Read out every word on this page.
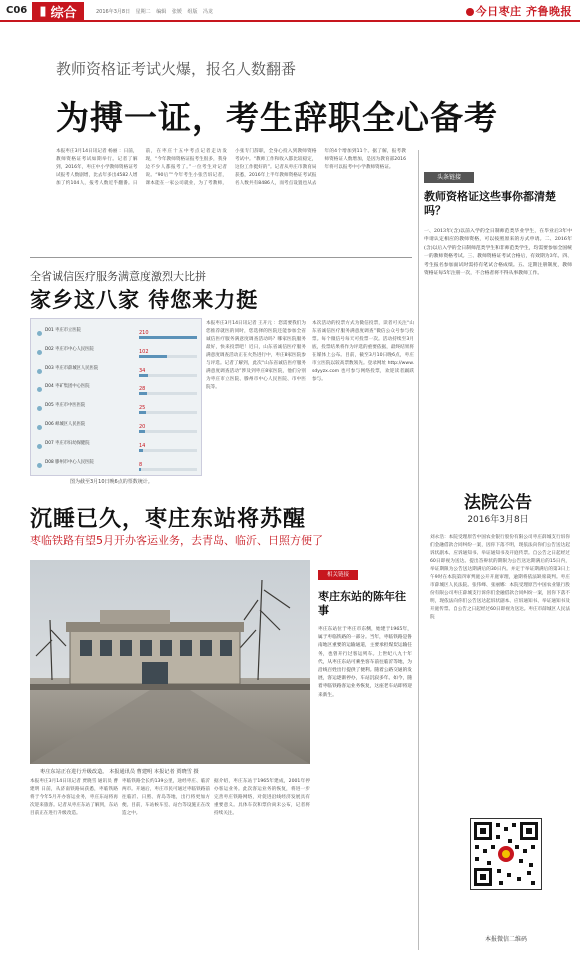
C06 ▮ 综合	2016年3月8日 星期二 编辑 张媛 组版 冯龙	今日枣庄 齐鲁晚报
教师资格证考试火爆，报名人数翻番
为搏一证，考生辞职全心备考
本报枣庄3月14日讯记者 杨丽 ：日前，教师资格证考试如期举行。记者了解到，2016年，枣庄中小学教师资格证考试报考人数剧增，比去年多出4582人增加了约104人，报考人数近乎翻番。日前，在枣庄十五中考点记者走访发现，“今年教师资格证报考生很多，我身边不少人都报考了。”一位考生对记者说。“90后”“今年考生小张告诉记者，课本能在一家公司就业，为了考教师，小张专门辞职，全身心投入到教师资格考试中。“教师工作和收入都比较稳定，这份工作挺好的”。记者从枣庄市教育局获悉，2016年上半年教师资格证考试报名人数共有8486人，而考点设置也从去年的4个增加到11个。据了解，报考教师资格证人数增加，是因为教育部2016年将可以报考中小学教师资格证。
头条链接
教师资格证这些事你都清楚吗？
一、2013年(含)以前入学的全日制师范类毕业学生，在毕业后3年中申请认定相应的教师资格，可以按照原来的方式申请。二、2016年(含)以后入学的全日制师范类学生和非师范类学生，均需要参加全国统一的教师资格考试。三、教师资格证考试合格后，有效期为3年。四、考生报名参加面试时需持有笔试合格成绩。五、定期注册制度，教师资格证每5年注册一次，不合格者将不得从事教师工作。
法院公告
2016年3月8日
刘永浩：本院受理原告中国农业银行股份有限公司枣庄薛城支行诉你们金融借款合同纠纷一案，因你下落不明，现依法向你们公告送达起诉状副本、应诉通知书、举证通知书及开庭传票。自公告之日起经过60日即视为送达。提出答辩状的期限为公告送达期满后的15日内，举证期限为公告送达期满后的30日内。并定于举证期满后的第3日上午9时在本院第四审判庭公开开庭审理，逾期将依法缺席裁判。枣庄市薛城区人民法院。张伟峰、张丽娜：本院受理原告中国农业银行股份有限公司枣庄薛城支行诉你们金融借款合同纠纷一案，因你下落不明，现依法向你们公告送达起诉状副本、应诉通知书、举证通知书及开庭传票。自公告之日起经过60日即视为送达。枣庄市薛城区人民法院
本报微信二维码
全省诚信医疗服务满意度激烈大比拼
家乡这八家 待您来力挺
D01 枣庄市立医院	210
D02 枣庄市中心人民医院	102
D03 枣庄市薛城区人民医院	34
D04 枣矿集团中心医院	28
D05 枣庄市中医医院	25
D06 峄城区人民医院	20
D07 枣庄市妇幼保健院	14
D08 滕州市中心人民医院	8
图为截至3月10日晚6点的票数统计。
本报枣庄3月14日讯记者 王开元 ：您需要我们为您推荐就医的同时，您选择的医院还能参加全省诚信医疗服务满意度调查活动吗？哪家医院服务最好，快来投票吧！近日，山东省诚信医疗服务满意度调查活动正在火热进行中，枣庄8家医院参与评选。记者了解到，此次“山东省诚信医疗服务满意度调查活动”涉及到枣庄8家医院，他们分别为枣庄市立医院、滕州市中心人民医院、市中医院等。
本次活动的投票方式为微信投票，读者可关注“山东省诚信医疗服务满意度调查”微信公众号参与投票。每个微信号每天可投票一次。活动持续至3月底，投票结果将作为评选的重要依据，最终结果将在媒体上公布。目前，截至3月10日晚6点，枣庄市立医院以较高票数领先。登录网址 http://www.sdyyzx.com 也可参与网络投票，欢迎读者踊跃参与。
沉睡已久，枣庄东站将苏醒
枣临铁路有望5月开办客运业务，去青岛、临沂、日照方便了
枣庄东站正在进行升级改造。 本报通讯员 曹建明 本报记者 贾晓雪 摄
相关链接
枣庄东站的陈年往事
枣庄东站位于枣庄市东侧，始建于1965年，属于枣临铁路的一部分。当年，枣临铁路是鲁南地区重要的运输通道，主要承担煤炭运输任务，也曾开行过客运列车。上世纪八九十年代，从枣庄东站可乘坐客车前往临沂等地，为沿线百姓出行提供了便利。随着公路交通的发展，客运逐渐停办，车站沉寂多年。如今，随着枣临铁路客运业务恢复，这座老车站即将迎来新生。
本报枣庄3月14日讯记者 贾晓雪 通讯员 曹建明 日前，从济南铁路局获悉，枣临铁路将于今年5月开办客运业务，枣庄东站将再次迎来旅客。记者从枣庄东站了解到，东站目前正在进行升级改造。
枣临铁路全长约139公里，途经枣庄、临沂两市。开通后，枣庄市民可通过枣临铁路前往临沂、日照、青岛等地，出行将更加方便。目前，车站候车室、站台等设施正在改造之中。
据介绍，枣庄东站于1965年建成，2001年停办客运业务。此次客运业务的恢复，将进一步完善枣庄铁路网络，对促进沿线经济发展具有重要意义。具体车次和票价尚未公布，记者将持续关注。
